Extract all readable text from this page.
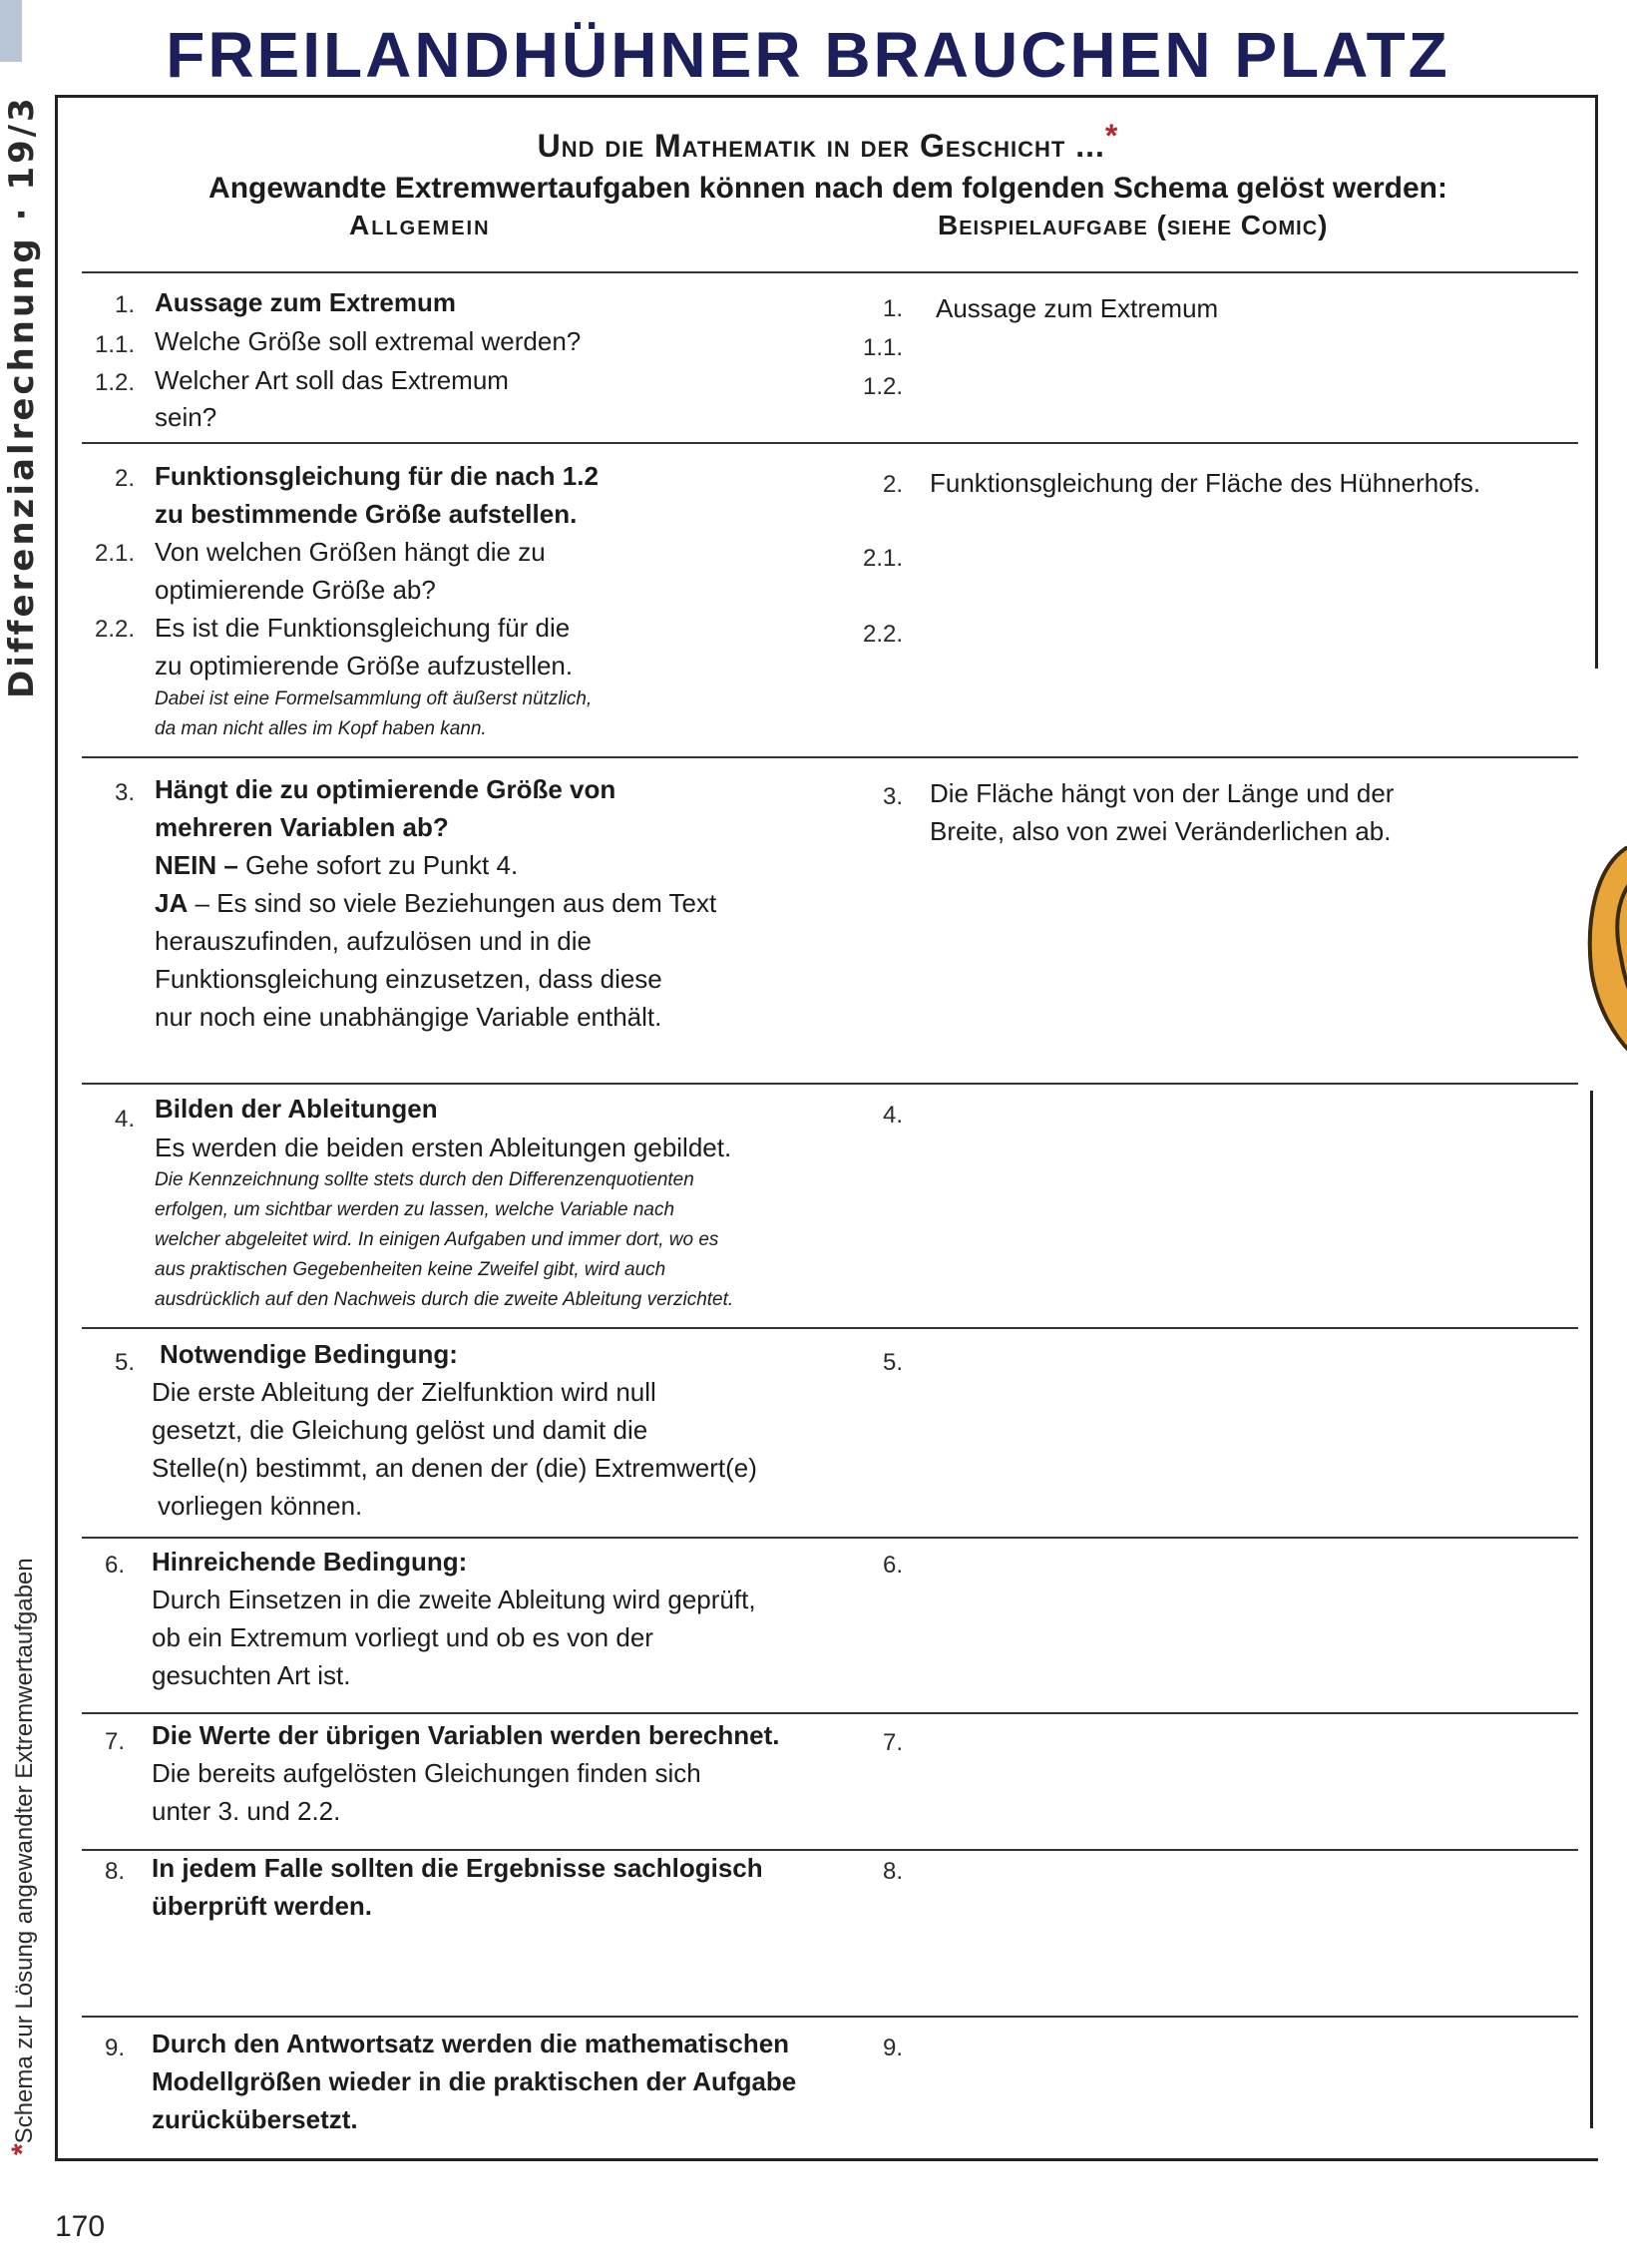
FREILANDHÜHNER BRAUCHEN PLATZ
Differenzialrechnung · 19/3
*Schema zur Lösung angewandter Extremwertaufgaben
Und die Mathematik in der Geschicht ...*
Angewandte Extremwertaufgaben können nach dem folgenden Schema gelöst werden:
Allgemein	Beispielaufgabe (siehe Comic)
1. Aussage zum Extremum
1.1. Welche Größe soll extremal werden?
1.2. Welcher Art soll das Extremum
sein?
2. Funktionsgleichung für die nach 1.2
zu bestimmende Größe aufstellen.
2.1. Von welchen Größen hängt die zu
optimierende Größe ab?
2.2. Es ist die Funktionsgleichung für die
zu optimierende Größe aufzustellen.
Dabei ist eine Formelsammlung oft äußerst nützlich,
da man nicht alles im Kopf haben kann.
3. Hängt die zu optimierende Größe von
mehreren Variablen ab?
NEIN – Gehe sofort zu Punkt 4.
JA – Es sind so viele Beziehungen aus dem Text
herauszufinden, aufzulösen und in die
Funktionsgleichung einzusetzen, dass diese
nur noch eine unabhängige Variable enthält.
4. Bilden der Ableitungen
Es werden die beiden ersten Ableitungen gebildet.
Die Kennzeichnung sollte stets durch den Differenzenquotienten
erfolgen, um sichtbar werden zu lassen, welche Variable nach
welcher abgeleitet wird. In einigen Aufgaben und immer dort, wo es
aus praktischen Gegebenheiten keine Zweifel gibt, wird auch
ausdrücklich auf den Nachweis durch die zweite Ableitung verzichtet.
5. Notwendige Bedingung:
Die erste Ableitung der Zielfunktion wird null
gesetzt, die Gleichung gelöst und damit die
Stelle(n) bestimmt, an denen der (die) Extremwert(e)
vorliegen können.
6. Hinreichende Bedingung:
Durch Einsetzen in die zweite Ableitung wird geprüft,
ob ein Extremum vorliegt und ob es von der
gesuchten Art ist.
7. Die Werte der übrigen Variablen werden berechnet.
Die bereits aufgelösten Gleichungen finden sich
unter 3. und 2.2.
8. In jedem Falle sollten die Ergebnisse sachlogisch
überprüft werden.
9. Durch den Antwortsatz werden die mathematischen
Modellgrößen wieder in die praktischen der Aufgabe
zurückübersetzt.
1. Aussage zum Extremum
1.1.
1.2.
2. Funktionsgleichung der Fläche des Hühnerhofs.
2.1.
2.2.
3. Die Fläche hängt von der Länge und der
Breite, also von zwei Veränderlichen ab.
4.
5.
6.
7.
8.
9.
170
